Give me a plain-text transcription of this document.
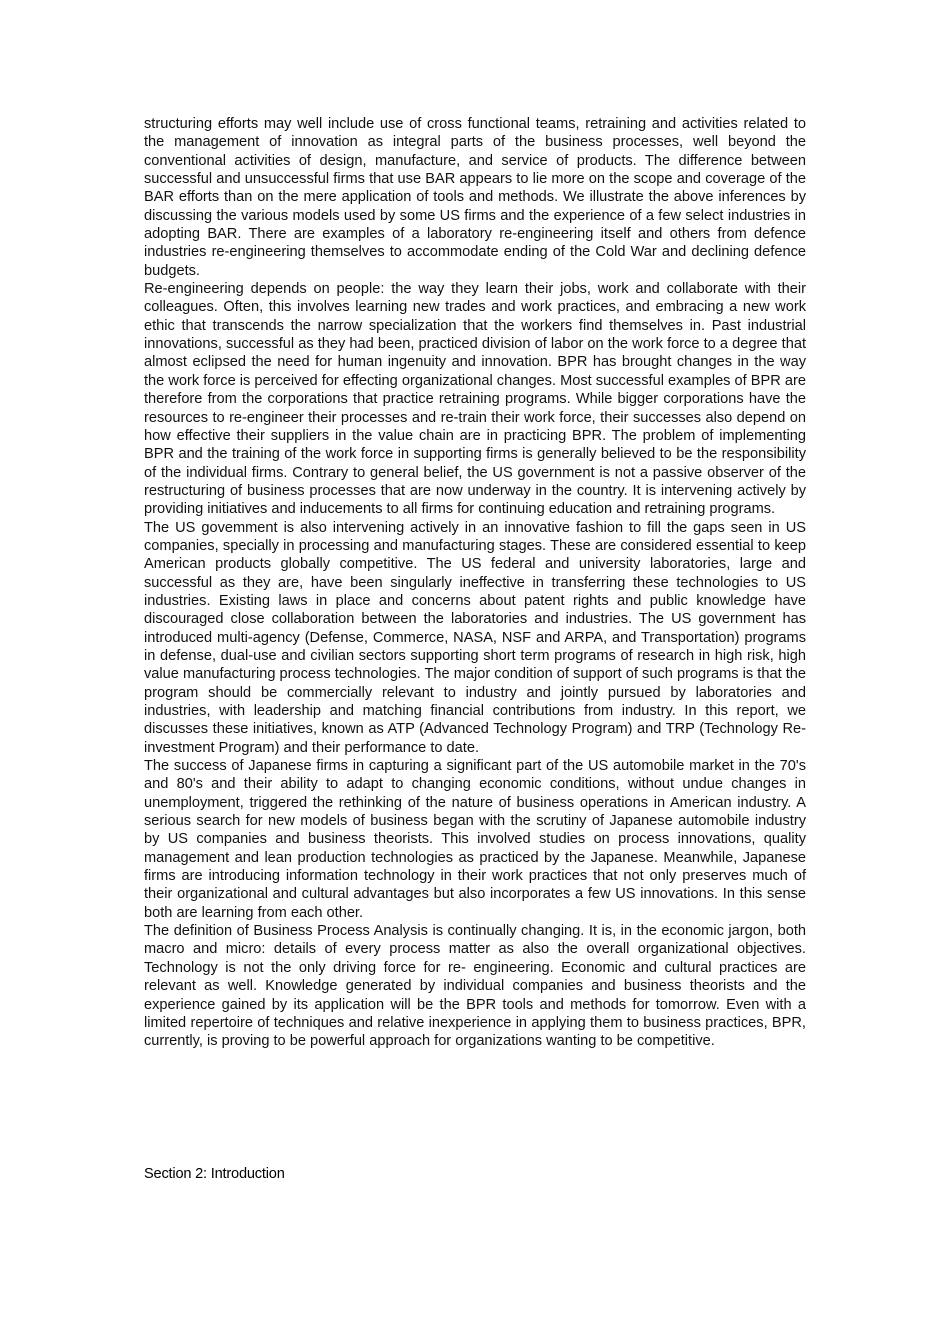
structuring efforts may well include use of cross functional teams, retraining and activities related to the management of innovation as integral parts of the business processes, well beyond the conventional activities of design, manufacture, and service of products. The difference between successful and unsuccessful firms that use BAR appears to lie more on the scope and coverage of the BAR efforts than on the mere application of tools and methods. We illustrate the above inferences by discussing the various models used by some US firms and the experience of a few select industries in adopting BAR. There are examples of a laboratory re-engineering itself and others from defence industries re-engineering themselves to accommodate ending of the Cold War and declining defence budgets.

Re-engineering depends on people: the way they learn their jobs, work and collaborate with their colleagues. Often, this involves learning new trades and work practices, and embracing a new work ethic that transcends the narrow specialization that the workers find themselves in. Past industrial innovations, successful as they had been, practiced division of labor on the work force to a degree that almost eclipsed the need for human ingenuity and innovation. BPR has brought changes in the way the work force is perceived for effecting organizational changes. Most successful examples of BPR are therefore from the corporations that practice retraining programs. While bigger corporations have the resources to re-engineer their processes and re-train their work force, their successes also depend on how effective their suppliers in the value chain are in practicing BPR. The problem of implementing BPR and the training of the work force in supporting firms is generally believed to be the responsibility of the individual firms. Contrary to general belief, the US government is not a passive observer of the restructuring of business processes that are now underway in the country. It is intervening actively by providing initiatives and inducements to all firms for continuing education and retraining programs.

The US govemment is also intervening actively in an innovative fashion to fill the gaps seen in US companies, specially in processing and manufacturing stages. These are considered essential to keep American products globally competitive. The US federal and university laboratories, large and successful as they are, have been singularly ineffective in transferring these technologies to US industries. Existing laws in place and concerns about patent rights and public knowledge have discouraged close collaboration between the laboratories and industries. The US government has introduced multi-agency (Defense, Commerce, NASA, NSF and ARPA, and Transportation) programs in defense, dual-use and civilian sectors supporting short term programs of research in high risk, high value manufacturing process technologies. The major condition of support of such programs is that the program should be commercially relevant to industry and jointly pursued by laboratories and industries, with leadership and matching financial contributions from industry. In this report, we discusses these initiatives, known as ATP (Advanced Technology Program) and TRP (Technology Re-investment Program) and their performance to date.

The success of Japanese firms in capturing a significant part of the US automobile market in the 70's and 80's and their ability to adapt to changing economic conditions, without undue changes in unemployment, triggered the rethinking of the nature of business operations in American industry. A serious search for new models of business began with the scrutiny of Japanese automobile industry by US companies and business theorists. This involved studies on process innovations, quality management and lean production technologies as practiced by the Japanese. Meanwhile, Japanese firms are introducing information technology in their work practices that not only preserves much of their organizational and cultural advantages but also incorporates a few US innovations. In this sense both are learning from each other.

The definition of Business Process Analysis is continually changing. It is, in the economic jargon, both macro and micro: details of every process matter as also the overall organizational objectives. Technology is not the only driving force for re- engineering. Economic and cultural practices are relevant as well. Knowledge generated by individual companies and business theorists and the experience gained by its application will be the BPR tools and methods for tomorrow. Even with a limited repertoire of techniques and relative inexperience in applying them to business practices, BPR, currently, is proving to be powerful approach for organizations wanting to be competitive.

Section 2: Introduction
